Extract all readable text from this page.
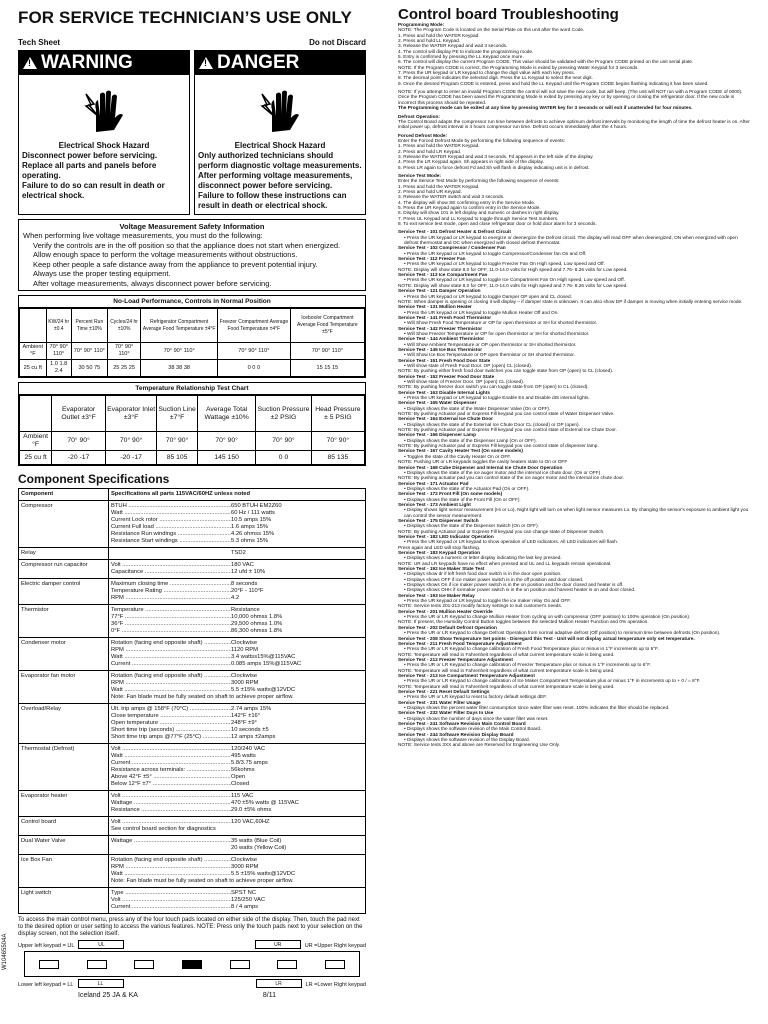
FOR SERVICE TECHNICIAN’S USE ONLY
Tech Sheet	Do not Discard
!
WARNING
Electrical Shock Hazard
Disconnect power before servicing.
Replace all parts and panels before operating.
Failure to do so can result in death or electrical shock.
!
DANGER
Electrical Shock Hazard
Only authorized technicians should perform diagnostic voltage measurements.
After performing voltage measurements, disconnect power before servicing.
Failure to follow these instructions can result in death or electrical shock.
Voltage Measurement Safety Information
When performing live voltage measurements, you must do the following:
Verify the controls are in the off position so that the appliance does not start when energized.
Allow enough space to perform the voltage measurements without obstructions.
Keep other people a safe distance away from the appliance to prevent potential injury.
Always use the proper testing equipment.
After voltage measurements, always disconnect power before servicing.
No-Load Performance, Controls in Normal Position
	KW/24 hr ±0.4	Percent Run Time ±10%	Cycles/24 hr ±10%	Refrigerator Compartment Average Food Temperature ±4°F	Freezer Compartment Average Food Temperature ±4°F	Icebox/er Compartment Average Food Temperature ±5°F
Ambient °F	70° 90° 110°	70° 90° 110°	70° 90° 110°	70° 90° 110°	70° 90° 110°	70° 90° 110°
25 cu ft	1.0 1.8 2.4	30 50 75	25 25 25	38 38 38	0 0 0	15 15 15
Temperature Relationship Test Chart
	Evaporator Outlet ±3°F	Evaporator Inlet ±3°F	Suction Line ±7°F	Average Total Wattage ±10%	Suction Pressure ±2 PSIG	Head Pressure ± 5 PSIG
Ambient °F	70° 90°	70° 90°	70° 90°	70° 90°	70° 90°	70° 90°
25 cu ft	-20 -17	-20 -17	85 105	145 150	0 0	85 135
Component Specifications
Component	Specifications all parts 115VAC/60HZ unless noted
Compressor	BTUH .....	650 BTUH EM2Z60
Watt .....	60 Hz / 111 watts
Current Lock rotor .....	10.5 amps 15%
Current Full load .....	1.6 amps 15%
Resistance Run windings .....	4.26 ohmss 15%
Resistance Start windings .....	5.3 ohms 15%
Relay	TSD2
Compressor run capacitor	Volt .....	180 VAC
Capacitance .....	12 ufd ± 10%
Electric damper control	Maximum closing time .....	8 seconds
Temperature Rating .....	20°F - 110°F
RPM .....	4.2
Thermistor	Temperature .....	Resistance
77°F .....	10,000 ohmss 1.8%
36°F .....	29,500 ohmss 1.0%
0°F .....	86,300 ohmss 1.8%
Condenser motor	Rotation (facing end opposite shaft) .....	Clockwise
RPM .....	1120 RPM
Watt .....	3.4 wattss15%@115VAC
Current .....	0.085 amps 15%@115VAC
Evaporator fan motor	Rotation (facing end opposite shaft) .....	Clockwise
RPM .....	3000 RPM
Watt .....	5.5 ±15% watts@12VDC
Note: Fan blade must be fully seated on shaft to achieve proper airflow.
Overload/Relay	Ult. trip amps @ 158°F (70°C) .....	2.74 amps 15%
Close temperature .....	142°F ±16°
Open temperature .....	248°F ±9°
Short time trip (seconds) .....	10 seconds ±5
Short time trip amps @77°F (25°C) .....	12 amps ±2amps
Thermostat (Defrost)	Volt .....	120/240 VAC
Watt .....	495 watts
Current .....	5.8/3.75 amps
Resistance across terminals: .....	56kohms
Above 42°F ±5° .....	Open
Below 12°F ±7° .....	Closed
Evaporator heater	Volt .....	115 VAC
Wattage .....	470 ±5% watts @ 115VAC
Resistance .....	29.0 ±5% ohms
Control board	Volt .....	120 VAC,60HZ
See control board section for diagnostics
Dual Water Valve	Wattage .....	35 watts (Blue Coil)
20 watts (Yellow Coil)
Ice Box Fan	Rotation (facing end opposite shaft) .....	Clockwise
RPM .....	3000 RPM
Watt .....	5.5 ±15% watts@12VDC
Note: Fan blade must be fully seated on shaft to achieve proper airflow.
Light switch	Type .....	SPST NC
Volt .....	125/250 VAC
Current .....	8 / 4 amps
To access the main control menu, press any of the four touch pads located on either side of the display. Then, touch the pad next to the desired option or user setting to access the various features. NOTE: Press only the touch pads next to your selection on the display screen, not the selection itself.
Upper left keypad = UL	UL	UR	UR =Upper Right keypad
Lower left keypad = LL	LL	LR	LR =Lower Right keypad
Iceland 25 JA & KA	8/11
W10465504A
Control board Troubleshooting
Programming Mode:
NOTE: The Program Code is located on the Serial Plate on this unit after the word Code.
1. Press and hold the WATER Keypad.
2. Press and hold LL Keypad.
3. Release the WATER Keypad and wait 3 seconds.
4. The control will display PE to indicate the programming mode.
5. Entry is confirmed by pressing the LL Keypad once more.
6. The control will display the current Program CODE. This value should be validated with the Program CODE printed on the unit serial plate.
NOTE: If the Program CODE is correct, the Programming Mode is exited by pressing Water Keypad for 3 seconds.
7. Press the UR keypad or LR keypad to change the digit value with each key press.
8. The decimal point indicates the selected digit. Press the LL Keypad to select the next digit.
9. Once the desired Program CODE is entered, press and hold the LL Keypad until the Program CODE begins flashing indicating it has been saved.
NOTE: If you attempt to enter an invalid Program CODE the control will not save the new code, but will beep. (The unit will NOT run with a Program CODE of 0000). Once the Program CODE has been saved the Programming Mode is exited by pressing any key or by opening or closing the refrigerator door. If the new code is incorrect this process should be repeated.
The Programming mode can be exited at any time by pressing WATER key for 3 seconds or will exit if unattended for four minutes.
Defrost Operation:
The Control Board adapts the compressor run time between defrosts to achieve optimum defrost intervals by monitoring the length of time the defrost heater is on. After initial power up, defrost interval is 4 hours compressor run time. Defrost occurs immediately after the 4 hours.
Forced Defrost Mode:
Enter the Forced Defrost Mode by performing the following sequence of events:
1. Press and hold the WATER Keypad.
2. Press and hold LR Keypad.
3. Release the WATER Keypad and wait 3 seconds. Fd appears in the left side of the display.
4. Press the LR Keypad again. Sh appears in right side of the display.
5. Press LR again to force defrost Fd and Sh will flash in display indicating unit is in defrost.
Service Test Mode:
Enter the Service Test Mode by performing the following sequence of events:
1. Press and hold the WATER Keypad.
2. Press and hold UR Keypad.
3. Release the WATER switch and wait 3 seconds.
4. The display will show SE confirming entry in the Service Mode.
5. Press the UR Keypad again to confirm entry in the Service Mode.
6. Display will show 101 in left display and numeric or dashes in right display.
7. Press UL Keypad and LL Keypad to toggle through Service Test numbers.
8. To exit service test mode, open and close refrigerator door or hold door alarm for 3 seconds.
Service Test - 101 Defrost Heater & Defrost Circuit
• Press the UR keypad or LR keypad to energize or deenergize the Defrost circuit. The display will read OFF when deenergized, ON when energized with open defrost thermostat and OC when energized with closed defrost thermostat.
Service Test - 102 Compressor / Condenser Fan
• Press the UR keypad or LR keypad to toggle Compressor/Condenser fan On and Off.
Service Test - 112 Freezer Fan
• Press the UR keypad or LR keypad to toggle Freezer Fan On High speed, Low speed and Off.
NOTE: Display will show state 8.0 for OFF, 11.0-14.0 volts for High speed and 7.76- 8.26 volts for Low speed.
Service Test - 113 Ice Compartment Fan
• Press the UR keypad or LR keypad to toggle Ice Compartment Fan On High speed, Low speed and Off.
NOTE: Display will show state 8.0 for OFF, 11.0-14.0 volts for High speed and 7.76- 8.26 volts for Low speed.
Service Test - 121 Damper Operation
• Press the UR keypad or LR keypad to toggle Damper OP open and CL closed.
NOTE: When damper is opening or closing it will display – if damper state is unknown. It can also show DP if damper is moving when initially entering service mode.
Service Test - 131 Mullion Heater
• Press the UR keypad or LR keypad to toggle Mullion Heater Off and On.
Service Test - 141 Fresh Food Thermistor
• Will Show Fresh Food Temperature or OP for open thermistor or SH for shorted thermistor.
Service Test - 142 Freezer Thermistor
• Will Show Freezer Temperature or OP for open thermistor or SH for shorted thermistor.
Service Test - 144 Ambient Thermistor
• Will Show Ambient Temperature or OP open thermistor or SH shorted thermistor.
Service Test - 145 Ice Box Thermistor
• Will Show Ice Box Temperature or OP open thermistor or SH shorted thermistor.
Service Test - 151 Fresh Food Door State
• Will show state of Fresh Food Door. OP (open) CL (closed).
NOTE: By pushing either fresh food door switches you can toggle state from OP (open) to CL (closed).
Service Test - 152 Freezer Food Door State
• Will show state of Freezer Door. OP (open) CL (closed).
NOTE: By pushing freezer door switch you can toggle state from OP (open) to CL (closed).
Service Test - 163 Disable Internal Lights
• Press the UR keypad or LR keypad to toggle Enable En and Disable dIS internal lights.
Service Test - 165 Water Dispenser
• Displays shows the state of the Water Dispenser Valve (On or OFF).
NOTE: By pushing Actuator pad or Express Fill keypad you can control state of Water Dispenser Valve.
Service Test - 164 External Ice Chute Door
• Displays shows the state of the External Ice Chute Door CL (closed) or OP (open).
NOTE: By pushing Actuator pad or Express Fill keypad you can control state of External Ice Chute Door.
Service Test - 166 Dispenser Lamp
• Displays shows the state of the Dispenser Lamp (On or OFF).
NOTE: By pushing Actuator pad or Express Fill keypad you can control state of dispenser lamp.
Service Test - 167 Cavity Heater Test (On some models)
• Toggles the state of the Cavity Heater On or OFF.
NOTE: Pushing UR or LR keypads toggles the cavity heaters state to On or OFF
Service Test - 168 Cube Dispenser and Internal Ice Chute Door Operation
• Displays shows the state of the ice auger motor and the internal ice chute door. (On or OFF)
NOTE: By pushing actuator pad you can control state of the ice auger motor and the internal ice chute door.
Service Test - 171 Actuator Pad
• Displays shows the state of the Actuator Pad (On or OFF).
Service Test - 172 Front Fill (On some models)
• Displays shows the state of the Front Fill (On or OFF).
Service Test - 173 Ambient Light
• Display shows light sensor measurement (Hi or Lo). Night light will turn on when light sensor measures Lo. By changing the sensor's exposure to ambient light you can control the sensor measurement.
Service Test - 175 Dispenser Switch
• Displays shows the state of the Dispenser Switch (On or OFF).
NOTE: By pushing Actuator pad or Express Fill keypad you can change state of Dispenser Switch.
Service Test - 182 LED Indicator Operation
• Press the UR keypad or LR keypad to show operation of LED indicators. All LED indicators will flash.
Press again and LED will stop flashing.
Service Test - 183 Keypad Operation
• Displays shows a numeric or letter display indicating the last key pressed.
NOTE: UR and LR keypads have no effect when pressed and UL and LL keypads remain operational.
Service Test - 192 Ice Maker State Test
• Displays show dr if left fresh food door switch is in the door open position.
• Displays shows OFF if ice maker power switch is in the off position and door closed.
• Displays shows On if ice maker power switch is in the on position and the door closed and heater is off.
• Displays shows OHH if icemaker power switch is in the on position and harvest heater is on and door closed.
Service Test - 193 Ice Maker Relay
• Press the UR keypad or LR keypad to toggle the ice maker relay On and OFF.
NOTE: Service tests 201-213 modify factory settings to suit customer's needs.
Service Test - 201 Mullion Heater Override
• Press the UR or LR Keypad to change Mullion Heater from cycling on with compressor (OFF position) to 100% operation (On position).
NOTE: If present, the Humidity Control Button toggles between the selected Mullion Heater Function and 0% operation.
Service Test - 202 Default Defrost Operation
• Press the UR or LR Keypad to change Defrost Operation from normal adaptive defrost (Off position) to minimum time between defrosts (On position).
Service Test - 208 Show Temperature Set points - Disregard this Test - Unit will not display actual temperature only set temperature.
Service Test - 211 Fresh Food Temperature Adjustment
• Press the UR or LR Keypad to change calibration of Fresh Food Temperature plus or minus in 1°F increments up to 6°F.
NOTE: Temperature will read in Fahrenheit regardless of what current temperature scale is being used.
Service Test - 212 Freezer Temperature Adjustment
• Press the UR or LR Keypad to change calibration of Freezer Temperature plus or minus in 1°F increments up to 6°F.
NOTE: Temperature will read in Fahrenheit regardless of what current temperature scale is being used.
Service Test - 213 Ice Compartment Temperature Adjustment
• Press the UR or LR Keypad to change calibration of Ice Maker Compartment Temperature plus or minus 1°F in increments up to + 0 / = 8°F.
NOTE: Temperature will read in Fahrenheit regardless of what current temperature scale is being used.
Service Test - 221 Reset Default Settings
• Press the UR or LR keypad to reset to factory default settings dEF.
Service Test - 231 Water Filter Usage
• Displays shows the percent water filter consumption since water filter was reset. 100% indicates the filter should be replaced.
Service Test - 232 Water Filter Days In Use
• Displays shows the number of days since the water filter was reset.
Service Test - 241 Software Revision Main Control Board
• Displays shows the software revision of the Main Control Board.
Service Test - 244 Software Revision Display Board
• Displays shows the software revision of the Display Board.
NOTE: Service tests 3XX and above are Reserved for Engineering Use Only.
